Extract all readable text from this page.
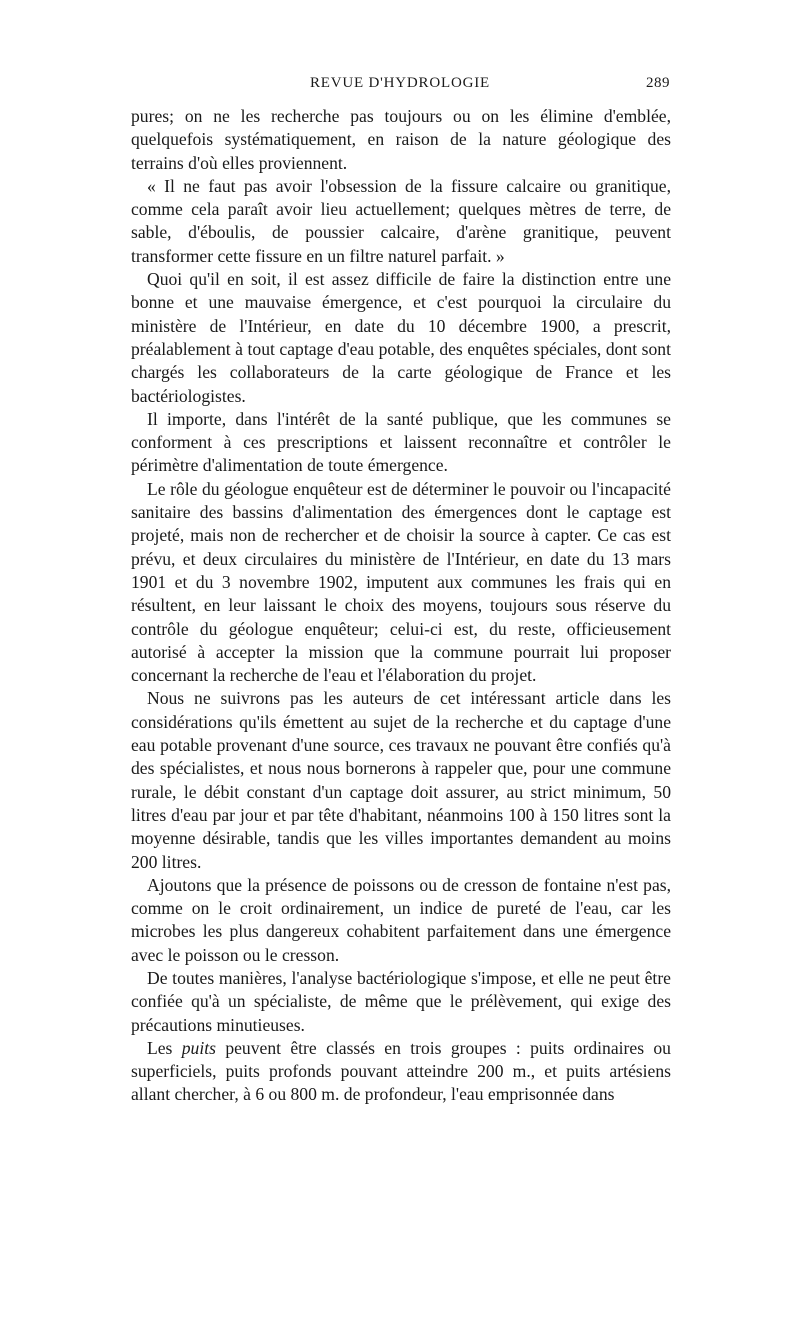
REVUE D'HYDROLOGIE	289

pures; on ne les recherche pas toujours ou on les élimine d'emblée, quelquefois systématiquement, en raison de la nature géologique des terrains d'où elles proviennent.

« Il ne faut pas avoir l'obsession de la fissure calcaire ou granitique, comme cela paraît avoir lieu actuellement; quelques mètres de terre, de sable, d'éboulis, de poussier calcaire, d'arène granitique, peuvent transformer cette fissure en un filtre naturel parfait. »

Quoi qu'il en soit, il est assez difficile de faire la distinction entre une bonne et une mauvaise émergence, et c'est pourquoi la circulaire du ministère de l'Intérieur, en date du 10 décembre 1900, a prescrit, préalablement à tout captage d'eau potable, des enquêtes spéciales, dont sont chargés les collaborateurs de la carte géologique de France et les bactériologistes.

Il importe, dans l'intérêt de la santé publique, que les communes se conforment à ces prescriptions et laissent reconnaître et contrôler le périmètre d'alimentation de toute émergence.

Le rôle du géologue enquêteur est de déterminer le pouvoir ou l'incapacité sanitaire des bassins d'alimentation des émergences dont le captage est projeté, mais non de rechercher et de choisir la source à capter. Ce cas est prévu, et deux circulaires du ministère de l'Intérieur, en date du 13 mars 1901 et du 3 novembre 1902, imputent aux communes les frais qui en résultent, en leur laissant le choix des moyens, toujours sous réserve du contrôle du géologue enquêteur; celui-ci est, du reste, officieusement autorisé à accepter la mission que la commune pourrait lui proposer concernant la recherche de l'eau et l'élaboration du projet.

Nous ne suivrons pas les auteurs de cet intéressant article dans les considérations qu'ils émettent au sujet de la recherche et du captage d'une eau potable provenant d'une source, ces travaux ne pouvant être confiés qu'à des spécialistes, et nous nous bornerons à rappeler que, pour une commune rurale, le débit constant d'un captage doit assurer, au strict minimum, 50 litres d'eau par jour et par tête d'habitant, néanmoins 100 à 150 litres sont la moyenne désirable, tandis que les villes importantes demandent au moins 200 litres.

Ajoutons que la présence de poissons ou de cresson de fontaine n'est pas, comme on le croit ordinairement, un indice de pureté de l'eau, car les microbes les plus dangereux cohabitent parfaitement dans une émergence avec le poisson ou le cresson.

De toutes manières, l'analyse bactériologique s'impose, et elle ne peut être confiée qu'à un spécialiste, de même que le prélèvement, qui exige des précautions minutieuses.

Les puits peuvent être classés en trois groupes : puits ordinaires ou superficiels, puits profonds pouvant atteindre 200 m., et puits artésiens allant chercher, à 6 ou 800 m. de profondeur, l'eau emprisonnée dans
